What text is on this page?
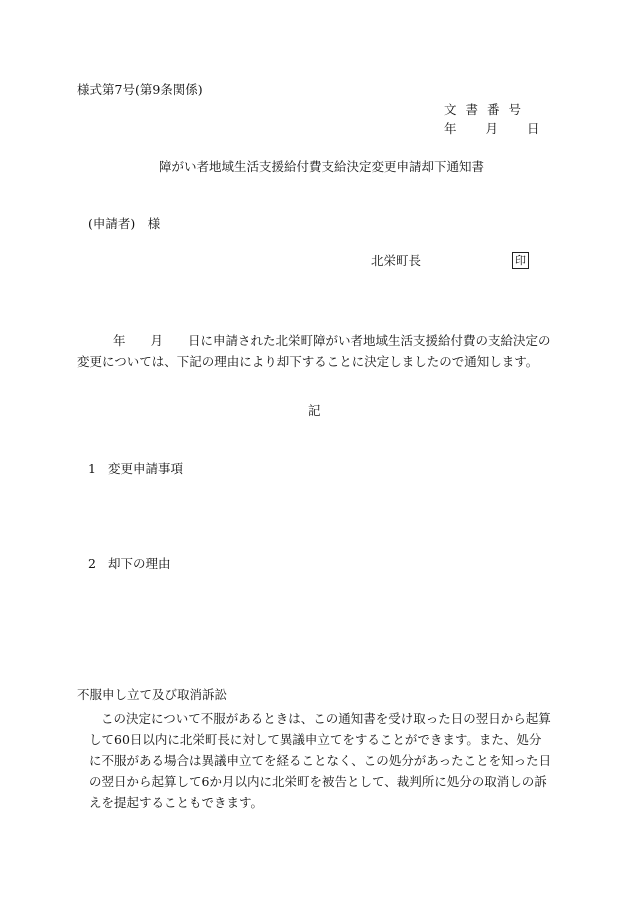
様式第7号(第9条関係)
文書番号
年 月 日
障がい者地域生活支援給付費支給決定変更申請却下通知書
(申請者)　様
北栄町長	印
年　　月　　日に申請された北栄町障がい者地域生活支援給付費の支給決定の変更については、下記の理由により却下することに決定しましたので通知します。
記
1 変更申請事項
2 却下の理由
不服申し立て及び取消訴訟
この決定について不服があるときは、この通知書を受け取った日の翌日から起算して60日以内に北栄町長に対して異議申立てをすることができます。また、処分に不服がある場合は異議申立てを経ることなく、この処分があったことを知った日の翌日から起算して6か月以内に北栄町を被告として、裁判所に処分の取消しの訴えを提起することもできます。
